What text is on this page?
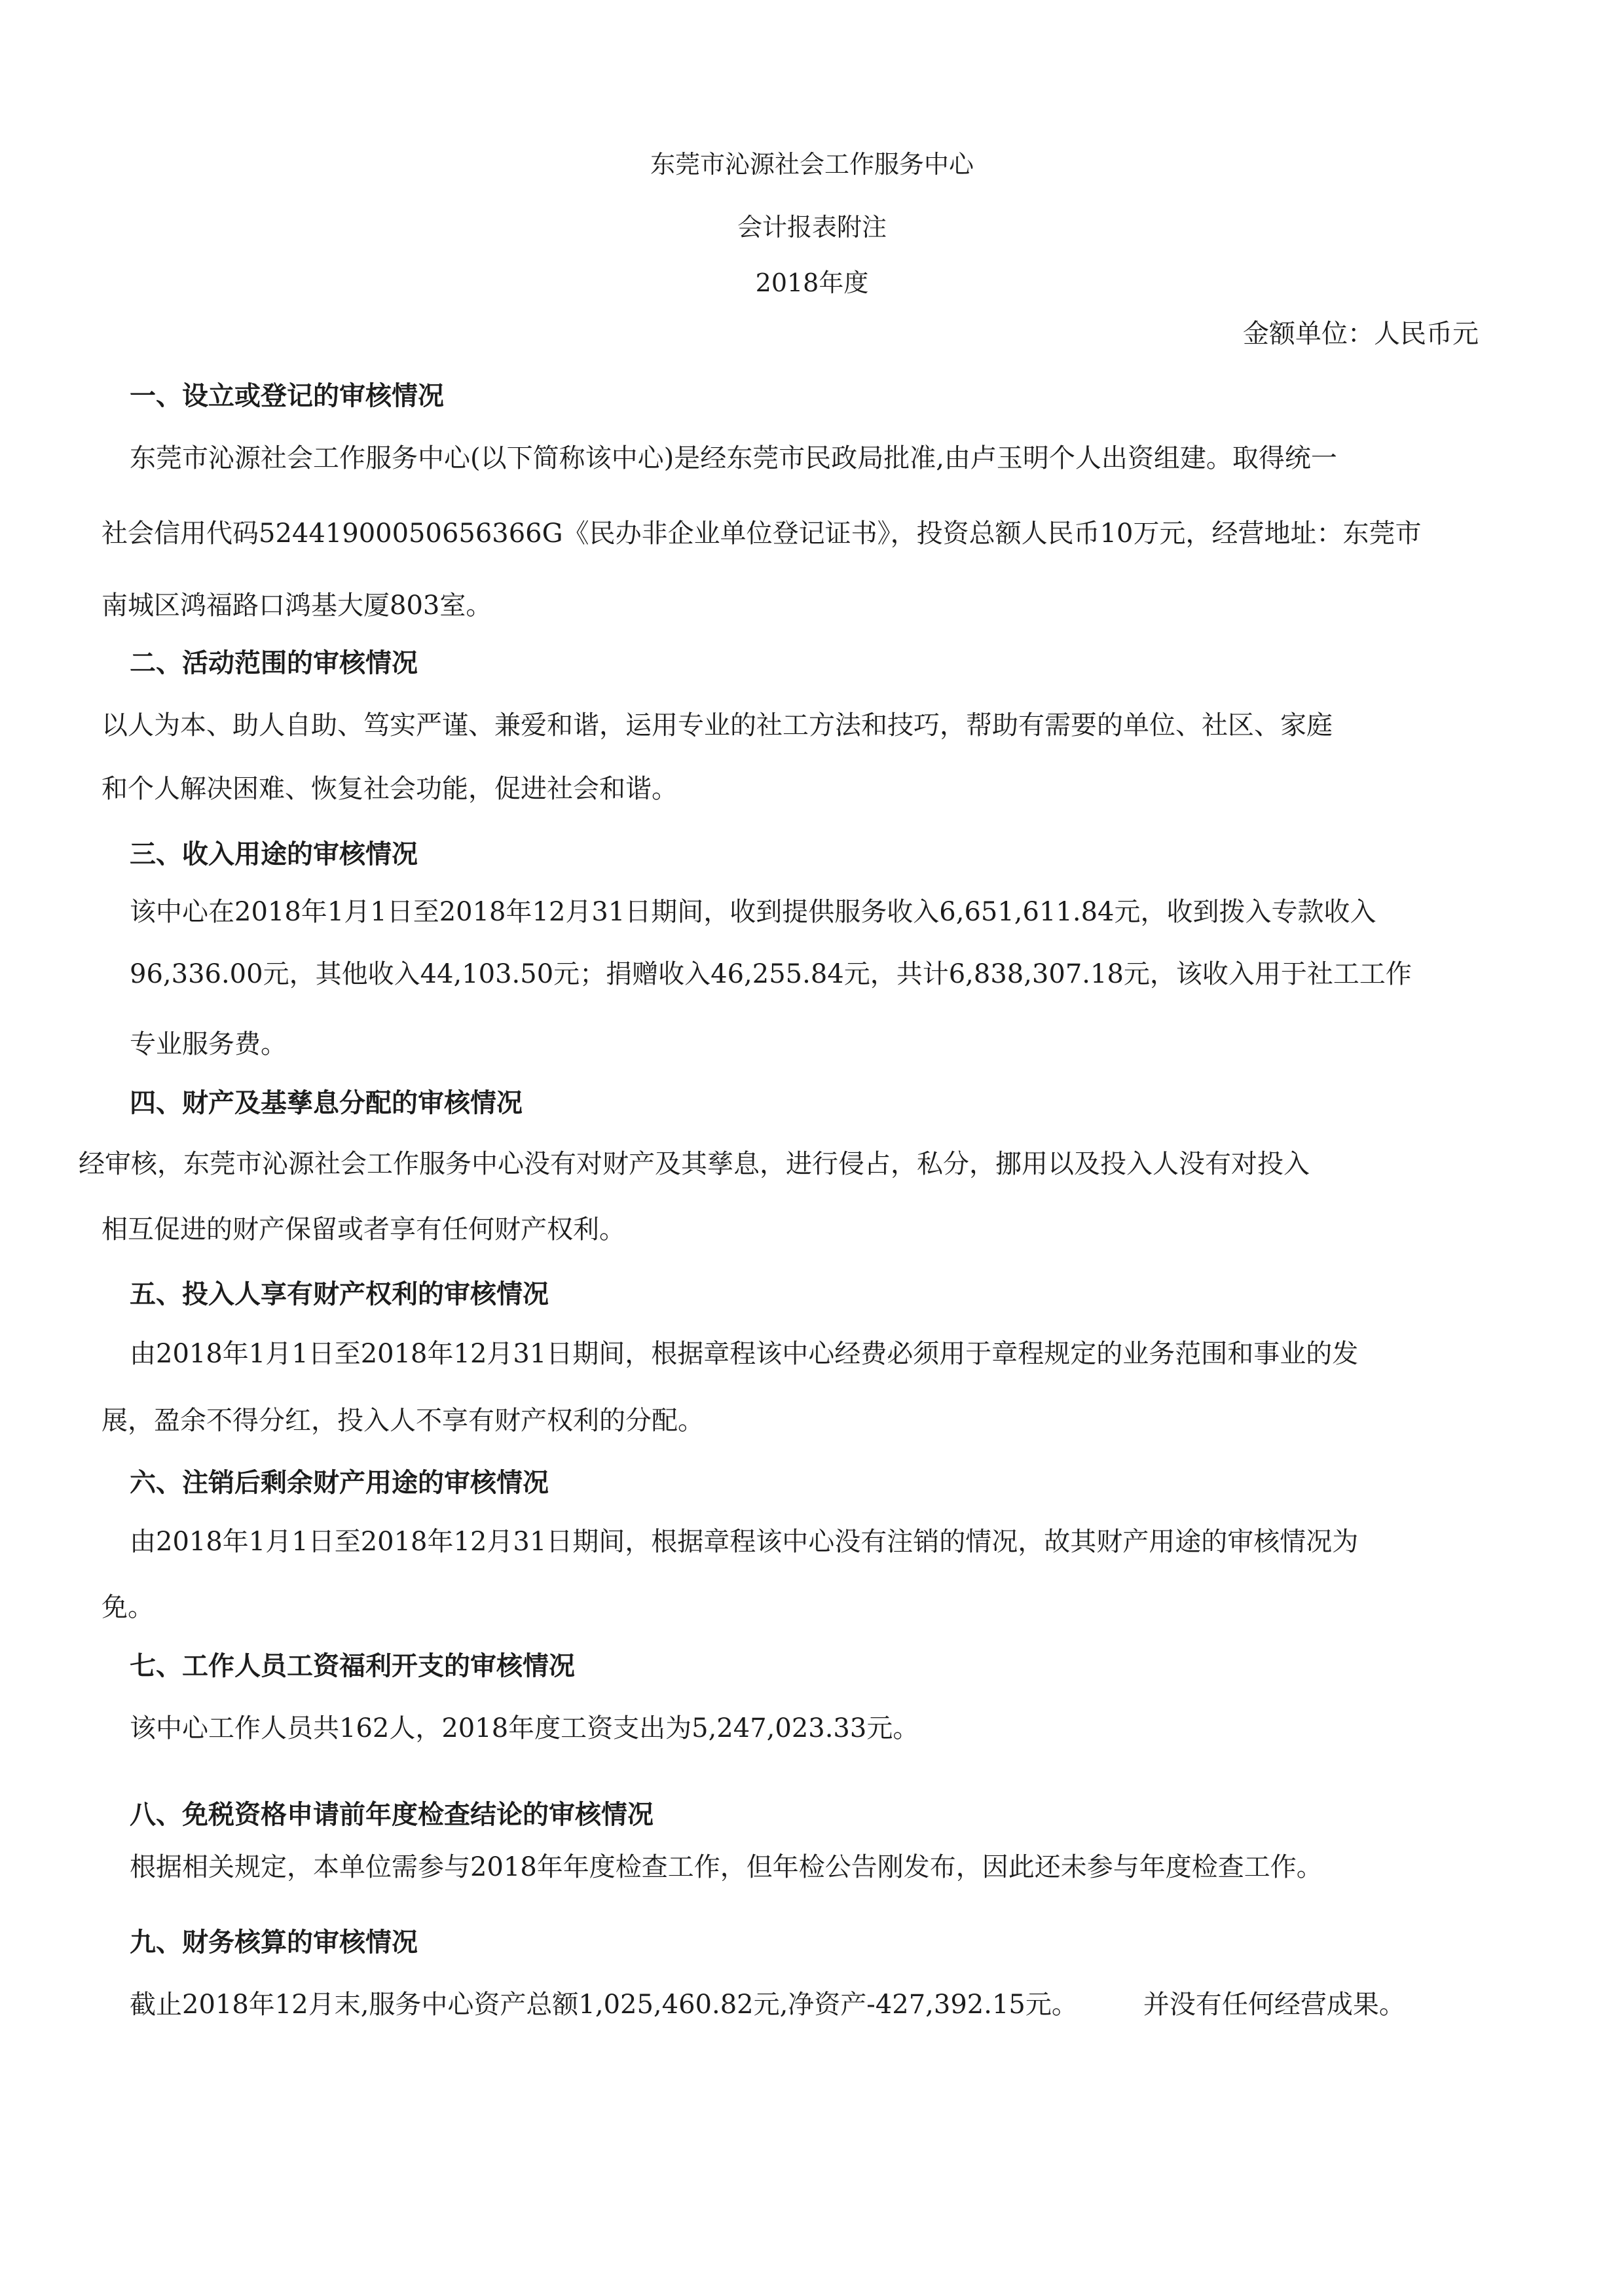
东莞市沁源社会工作服务中心
会计报表附注
2018年度
金额单位：人民币元
一、设立或登记的审核情况
东莞市沁源社会工作服务中心(以下简称该中心)是经东莞市民政局批准,由卢玉明个人出资组建。取得统一
社会信用代码52441900050656366G《民办非企业单位登记证书》，投资总额人民币10万元，经营地址：东莞市
南城区鸿福路口鸿基大厦803室。
二、活动范围的审核情况
以人为本、助人自助、笃实严谨、兼爱和谐，运用专业的社工方法和技巧，帮助有需要的单位、社区、家庭
和个人解决困难、恢复社会功能，促进社会和谐。
三、收入用途的审核情况
该中心在2018年1月1日至2018年12月31日期间，收到提供服务收入6,651,611.84元，收到拨入专款收入
96,336.00元，其他收入44,103.50元；捐赠收入46,255.84元，共计6,838,307.18元，该收入用于社工工作
专业服务费。
四、财产及基孳息分配的审核情况
经审核，东莞市沁源社会工作服务中心没有对财产及其孳息，进行侵占，私分，挪用以及投入人没有对投入
相互促进的财产保留或者享有任何财产权利。
五、投入人享有财产权利的审核情况
由2018年1月1日至2018年12月31日期间，根据章程该中心经费必须用于章程规定的业务范围和事业的发
展，盈余不得分红，投入人不享有财产权利的分配。
六、注销后剩余财产用途的审核情况
由2018年1月1日至2018年12月31日期间，根据章程该中心没有注销的情况，故其财产用途的审核情况为
免。
七、工作人员工资福利开支的审核情况
该中心工作人员共162人，2018年度工资支出为5,247,023.33元。
八、免税资格申请前年度检查结论的审核情况
根据相关规定，本单位需参与2018年年度检查工作，但年检公告刚发布，因此还未参与年度检查工作。
九、财务核算的审核情况
截止2018年12月末,服务中心资产总额1,025,460.82元,净资产-427,392.15元。	并没有任何经营成果。
